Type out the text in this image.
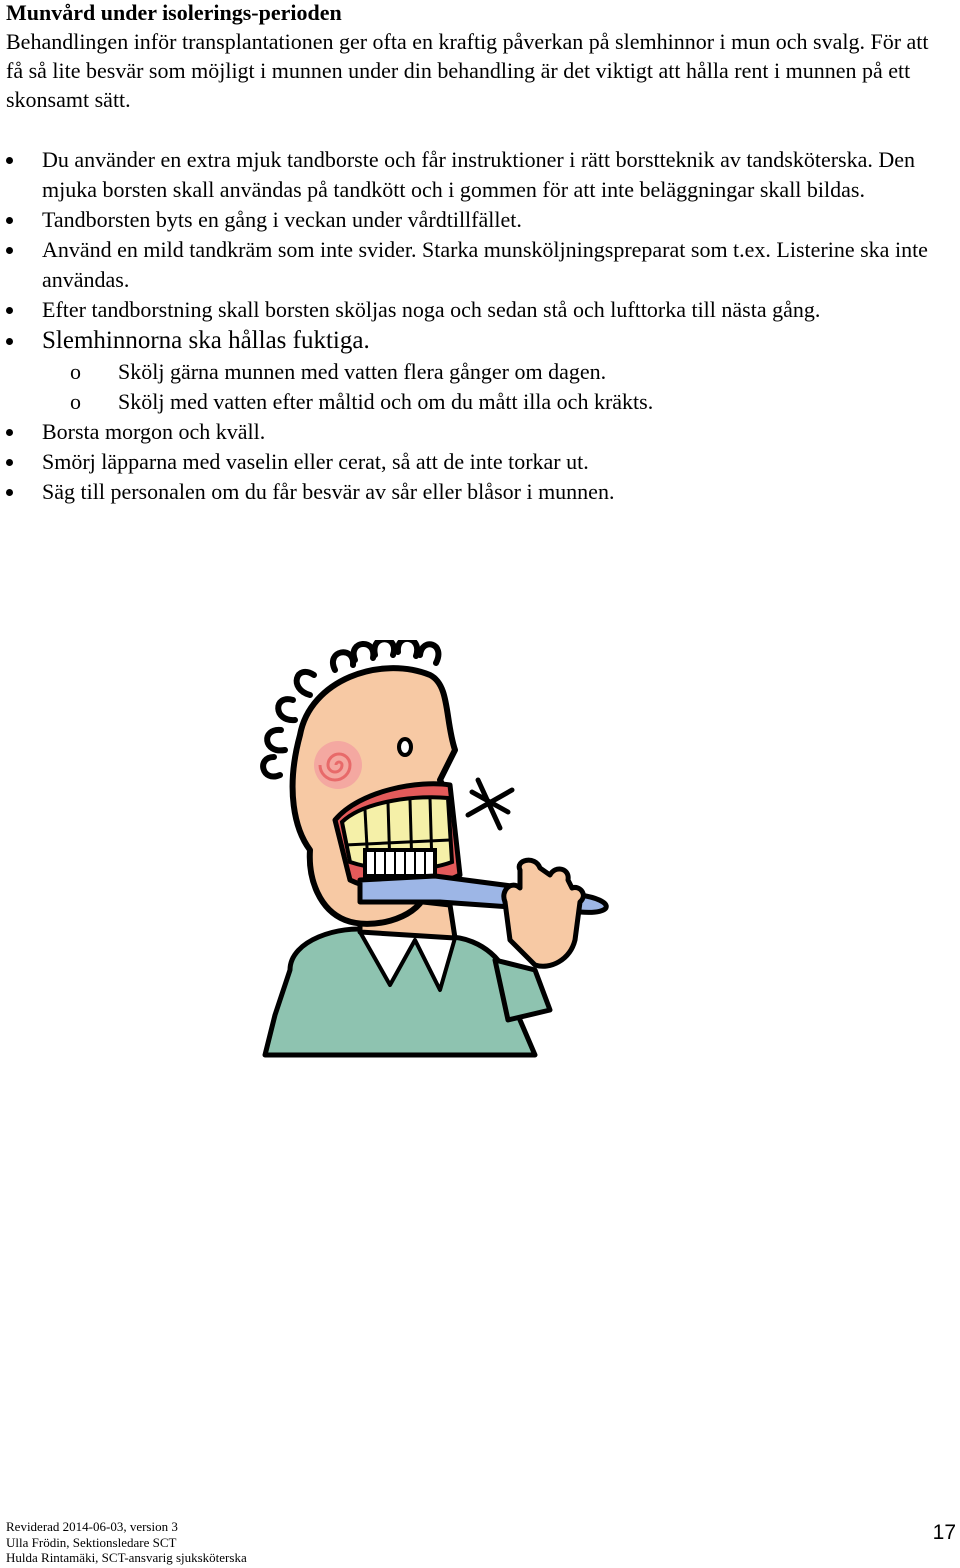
Munvård under isolerings-perioden
Behandlingen inför transplantationen ger ofta en kraftig påverkan på slemhinnor i mun och svalg. För att få så lite besvär som möjligt i munnen under din behandling är det viktigt att hålla rent i munnen på ett skonsamt sätt.
Du använder en extra mjuk tandborste och får instruktioner i rätt borstteknik av tandsköterska. Den mjuka borsten skall användas på tandkött och i gommen för att inte beläggningar skall bildas.
Tandborsten byts en gång i veckan under vårdtillfället.
Använd en mild tandkräm som inte svider. Starka munsköljningspreparat som t.ex. Listerine ska inte användas.
Efter tandborstning skall borsten sköljas noga och sedan stå och lufttorka till nästa gång.
Slemhinnorna ska hållas fuktiga.
o Skölj gärna munnen med vatten flera gånger om dagen.
o Skölj med vatten efter måltid och om du mått illa och kräkts.
Borsta morgon och kväll.
Smörj läpparna med vaselin eller cerat, så att de inte torkar ut.
Säg till personalen om du får besvär av sår eller blåsor i munnen.
Reviderad 2014-06-03, version 3
Ulla Frödin, Sektionsledare SCT
Hulda Rintamäki, SCT-ansvarig sjuksköterska
17
